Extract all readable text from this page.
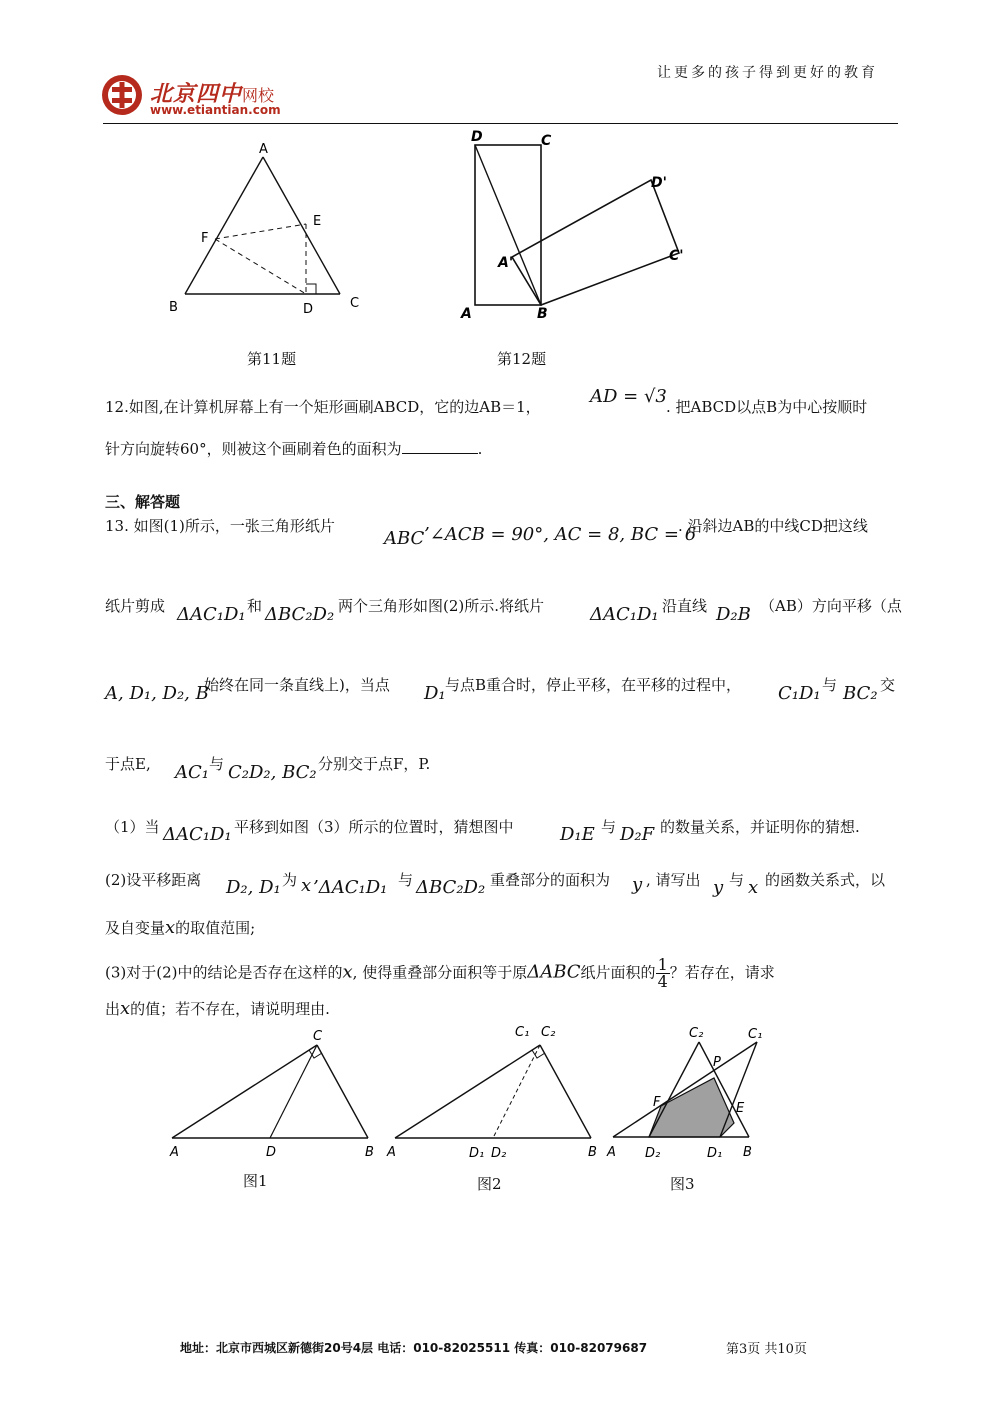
北京四中网校
www.etiantian.com
让更多的孩子得到更好的教育
A
B	C
D
E
F
第11题
D	C
A	B
A'	C'
D'
第12题
12.如图,在计算机屏幕上有一个矩形画刷ABCD，它的边AB＝1，	AD = √3 . 把ABCD以点B为中心按顺时
针方向旋转60°，则被这个画刷着色的面积为	.
三、解答题
13. 如图(1)所示，一张三角形纸片
ABC ’∠ACB = 90°, AC = 8, BC = 6
. 沿斜边AB的中线CD把这线
纸片剪成 ΔAC₁D₁ 和 ΔBC₂D₂ 两个三角形如图(2)所示.将纸片	ΔAC₁D₁ 沿直线 D₂B （AB）方向平移（点
A, D₁, D₂, B
始终在同一条直线上)，当点 D₁ 与点B重合时，停止平移，在平移的过程中， C₁D₁ 与 BC₂ 交
于点E, AC₁ 与 C₂D₂, BC₂ 分别交于点F，P.
（1）当 ΔAC₁D₁ 平移到如图（3）所示的位置时，猜想图中	D₁E 与 D₂F 的数量关系，并证明你的猜想.
(2)设平移距离 D₂, D₁ 为 x ’ΔAC₁D₁ 与 ΔBC₂D₂ 重叠部分的面积为 y , 请写出 y 与 x 的函数关系式，以
及自变量x的取值范围;
(3)对于(2)中的结论是否存在这样的x, 使得重叠部分面积等于原ΔABC纸片面积的 $\frac{1}{4}$？若存在，请求
出x的值；若不存在，请说明理由.
A	B
C
D
图1
A	B
C₁ C₂
D₁ D₂
图2
A	B
C₂	C₁
D₂	D₁
E
F
P
图3
地址：北京市西城区新德街20号4层 电话：010-82025511 传真：010-82079687	第3页 共10页
